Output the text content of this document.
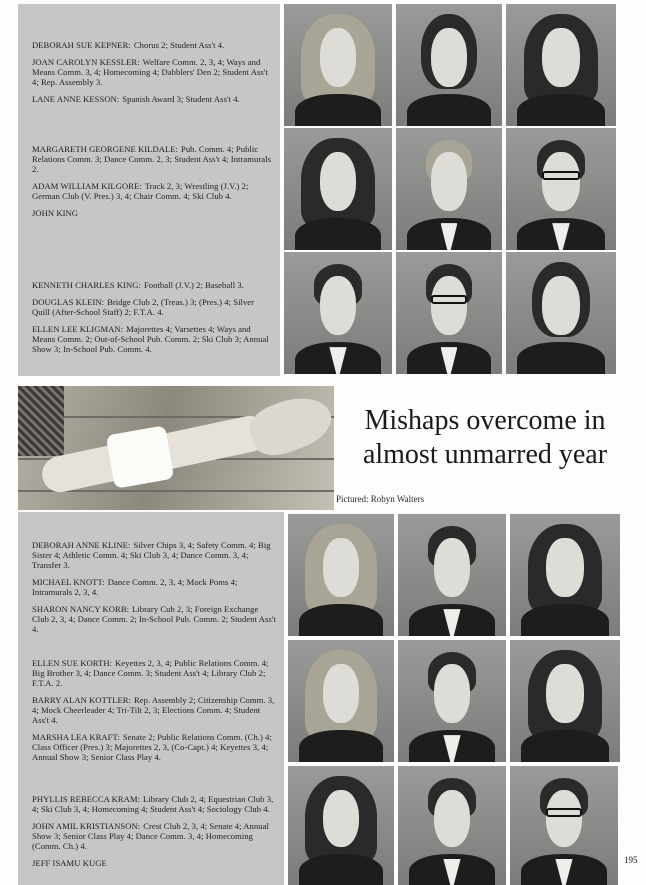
DEBORAH SUE KEPNER: Chorus 2; Student Ass't 4.

JOAN CAROLYN KESSLER: Welfare Comm. 2, 3, 4; Ways and Means Comm. 3, 4; Homecoming 4; Dabblers' Den 2; Student Ass't 4; Rep. Assembly 3.

LANE ANNE KESSON: Spanish Award 3; Student Ass't 4.

MARGARETH GEORGENE KILDALE: Pub. Comm. 4; Public Relations Comm. 3; Dance Comm. 2, 3; Student Ass't 4; Intramurals 2.

ADAM WILLIAM KILGORE: Track 2, 3; Wrestling (J.V.) 2; German Club (V. Pres.) 3, 4; Chair Comm. 4; Ski Club 4.

JOHN KING

KENNETH CHARLES KING: Football (J.V.) 2; Baseball 3.

DOUGLAS KLEIN: Bridge Club 2, (Treas.) 3; (Pres.) 4; Silver Quill (After-School Staff) 2; F.T.A. 4.

ELLEN LEE KLIGMAN: Majorettes 4; Varsettes 4; Ways and Means Comm. 2; Out-of-School Pub. Comm. 2; Ski Club 3; Annual Show 3; In-School Pub. Comm. 4.

Mishaps overcome in
almost unmarred year
Pictured: Robyn Walters

DEBORAH ANNE KLINE: Silver Chips 3, 4; Safety Comm. 4; Big Sister 4; Athletic Comm. 4; Ski Club 3, 4; Dance Comm. 3, 4; Transfer 3.

MICHAEL KNOTT: Dance Comm. 2, 3, 4; Mock Poms 4; Intramurals 2, 3, 4.

SHARON NANCY KORB: Library Cub 2, 3; Foreign Exchange Club 2, 3, 4; Dance Comm. 2; In-School Pub. Comm. 2; Student Ass't 4.

ELLEN SUE KORTH: Keyettes 2, 3, 4; Public Relations Comm. 4; Big Brother 3, 4; Dance Comm. 3; Student Ass't 4; Library Club 2; F.T.A. 2.

BARRY ALAN KOTTLER: Rep. Assembly 2; Citizenship Comm. 3, 4; Mock Cheerleader 4; Tri-Tilt 2, 3; Elections Comm. 4; Student Ass't 4.

MARSHA LEA KRAFT: Senate 2; Public Relations Comm. (Ch.) 4; Class Officer (Pres.) 3; Majorettes 2, 3, (Co-Capt.) 4; Keyettes 3, 4; Annual Show 3; Senior Class Play 4.

PHYLLIS REBECCA KRAM: Library Club 2, 4; Equestrian Club 3, 4; Ski Club 3, 4; Homecoming 4; Student Ass't 4; Sociology Club 4.

JOHN AMIL KRISTIANSON: Crest Club 2, 3, 4; Senate 4; Annual Show 3; Senior Class Play 4; Dance Comm. 3, 4; Homecoming (Comm. Ch.) 4.

JEFF ISAMU KUGE	195
